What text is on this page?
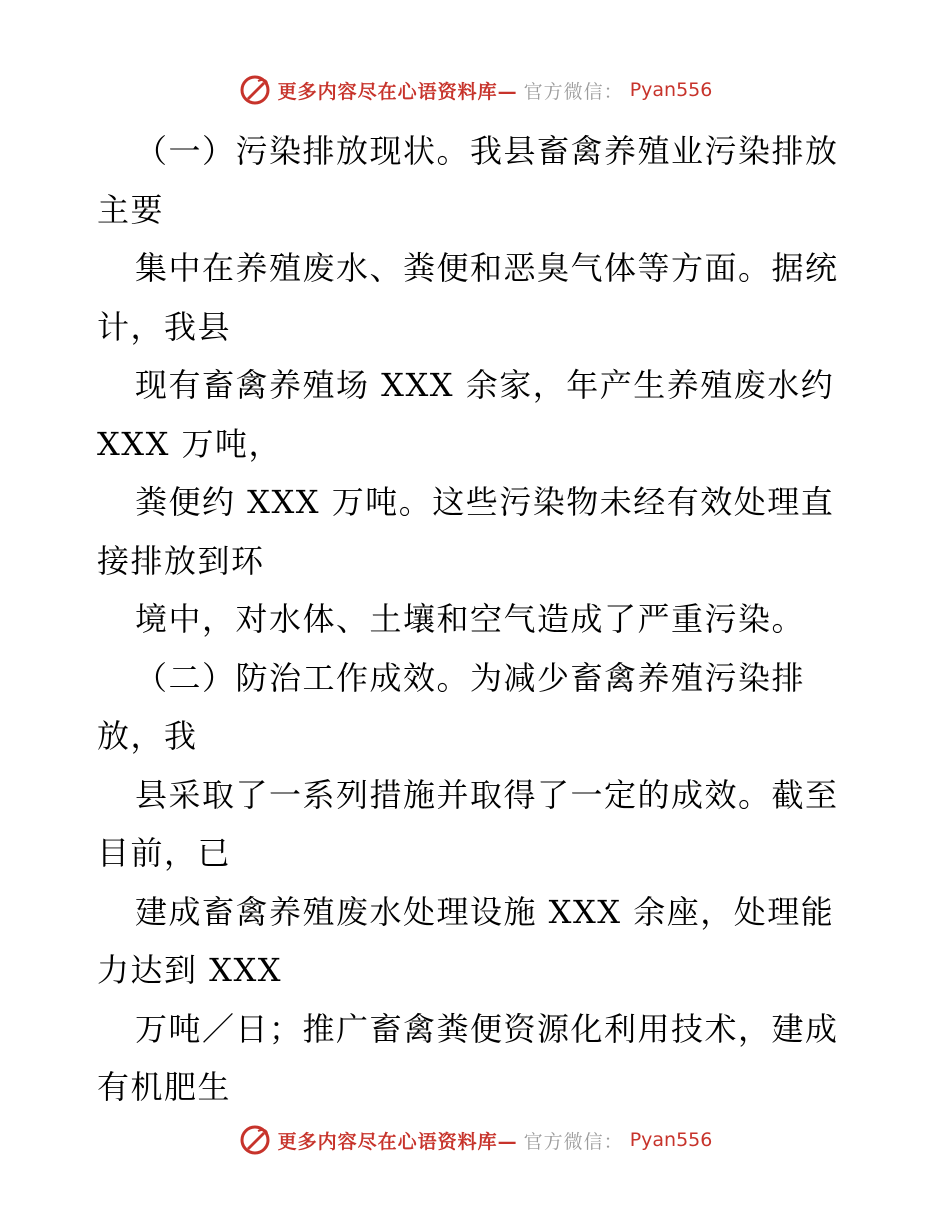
更多内容尽在心语资料库— 官方微信： Pyan556

（一）污染排放现状。我县畜禽养殖业污染排放

主要

集中在养殖废水、粪便和恶臭气体等方面。据统

计，我县

现有畜禽养殖场 XXX 余家，年产生养殖废水约

XXX 万吨，

粪便约 XXX 万吨。这些污染物未经有效处理直

接排放到环

境中，对水体、土壤和空气造成了严重污染。

（二）防治工作成效。为减少畜禽养殖污染排

放，我

县采取了一系列措施并取得了一定的成效。截至

目前，已

建成畜禽养殖废水处理设施 XXX 余座，处理能

力达到 XXX

万吨／日；推广畜禽粪便资源化利用技术，建成

有机肥生

更多内容尽在心语资料库— 官方微信： Pyan556
